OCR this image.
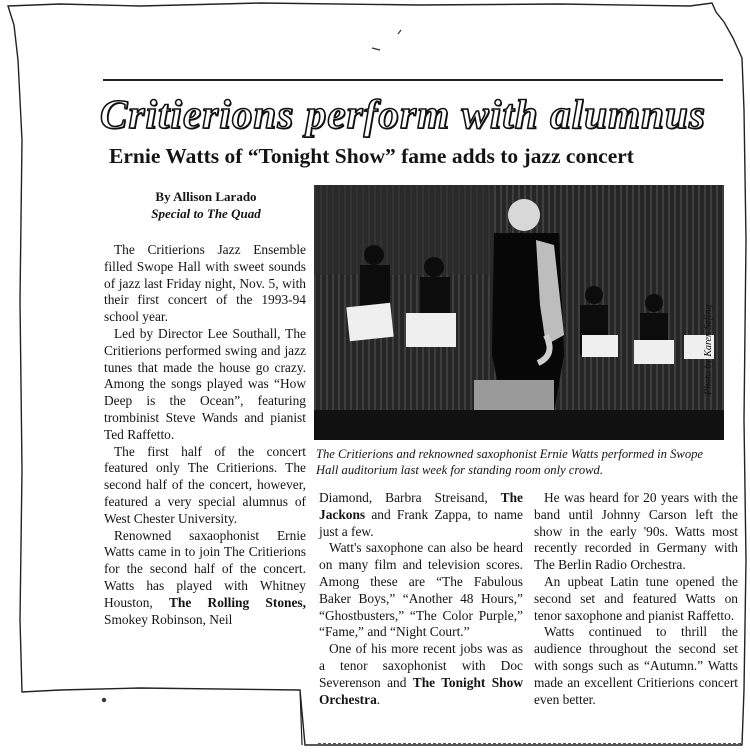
Critierions perform with alumnus
Ernie Watts of “Tonight Show” fame adds to jazz concert
By Allison Larado
Special to The Quad

The Critierions Jazz Ensemble filled Swope Hall with sweet sounds of jazz last Friday night, Nov. 5, with their first concert of the 1993-94 school year.

Led by Director Lee Southall, The Critierions performed swing and jazz tunes that made the house go crazy. Among the songs played was “How Deep is the Ocean”, featuring trombinist Steve Wands and pianist Ted Raffetto.

The first half of the concert featured only The Critierions. The second half of the concert, however, featured a very special alumnus of West Chester University.

Renowned saxaophonist Ernie Watts came in to join The Critierions for the second half of the concert. Watts has played with Whitney Houston, The Rolling Stones, Smokey Robinson, Neil

Photo by Karen Sefing
The Critierions and reknowned saxophonist Ernie Watts performed in Swope Hall auditorium last week for standing room only crowd.

Diamond, Barbra Streisand, The Jackons and Frank Zappa, to name just a few.

Watt's saxophone can also be heard on many film and television scores. Among these are “The Fabulous Baker Boys,” “Another 48 Hours,” “Ghostbusters,” “The Color Purple,” “Fame,” and “Night Court.”

One of his more recent jobs was as a tenor saxophonist with Doc Severenson and The Tonight Show Orchestra.

He was heard for 20 years with the band until Johnny Carson left the show in the early '90s. Watts most recently recorded in Germany with The Berlin Radio Orchestra.

An upbeat Latin tune opened the second set and featured Watts on tenor saxophone and pianist Raffetto.

Watts continued to thrill the audience throughout the second set with songs such as “Autumn.” Watts made an excellent Critierions concert even better.
